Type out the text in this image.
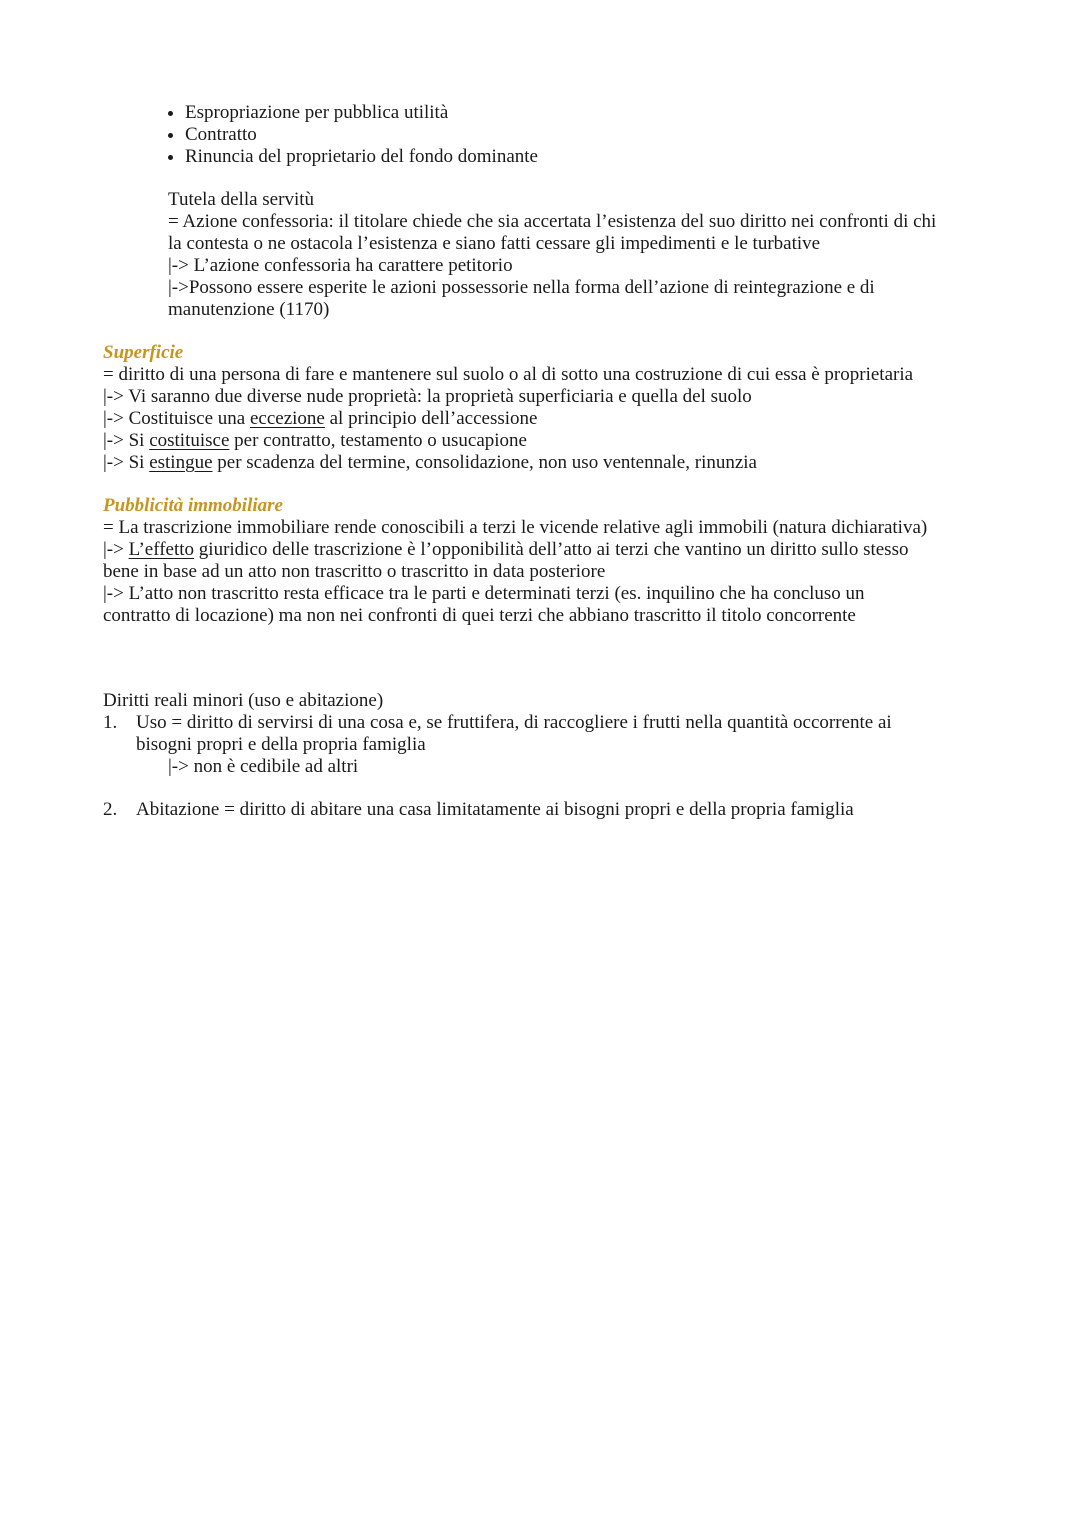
Espropriazione per pubblica utilità
Contratto
Rinuncia del proprietario del fondo dominante
Tutela della servitù
= Azione confessoria: il titolare chiede che sia accertata l’esistenza del suo diritto nei confronti di chi
la contesta o ne ostacola l’esistenza e siano fatti cessare gli impedimenti e le turbative
|-> L’azione confessoria ha carattere petitorio
|->Possono essere esperite le azioni possessorie nella forma dell’azione di reintegrazione e di
manutenzione (1170)
Superficie
= diritto di una persona di fare e mantenere sul suolo o al di sotto una costruzione di cui essa è proprietaria
|-> Vi saranno due diverse nude proprietà: la proprietà superficiaria e quella del suolo
|-> Costituisce una eccezione al principio dell’accessione
|-> Si costituisce per contratto, testamento o usucapione
|-> Si estingue per scadenza del termine, consolidazione, non uso ventennale, rinunzia
Pubblicità immobiliare
= La trascrizione immobiliare rende conoscibili a terzi le vicende relative agli immobili (natura dichiarativa)
|-> L’effetto giuridico delle trascrizione è l’opponibilità dell’atto ai terzi che vantino un diritto sullo stesso
bene in base ad un atto non trascritto o trascritto in data posteriore
|-> L’atto non trascritto resta efficace tra le parti e determinati terzi (es. inquilino che ha concluso un
contratto di locazione) ma non nei confronti di quei terzi che abbiano trascritto il titolo concorrente
Diritti reali minori (uso e abitazione)
1. Uso = diritto di servirsi di una cosa e, se fruttifera, di raccogliere i frutti nella quantità occorrente ai
bisogni propri e della propria famiglia
|-> non è cedibile ad altri
2. Abitazione = diritto di abitare una casa limitatamente ai bisogni propri e della propria famiglia
